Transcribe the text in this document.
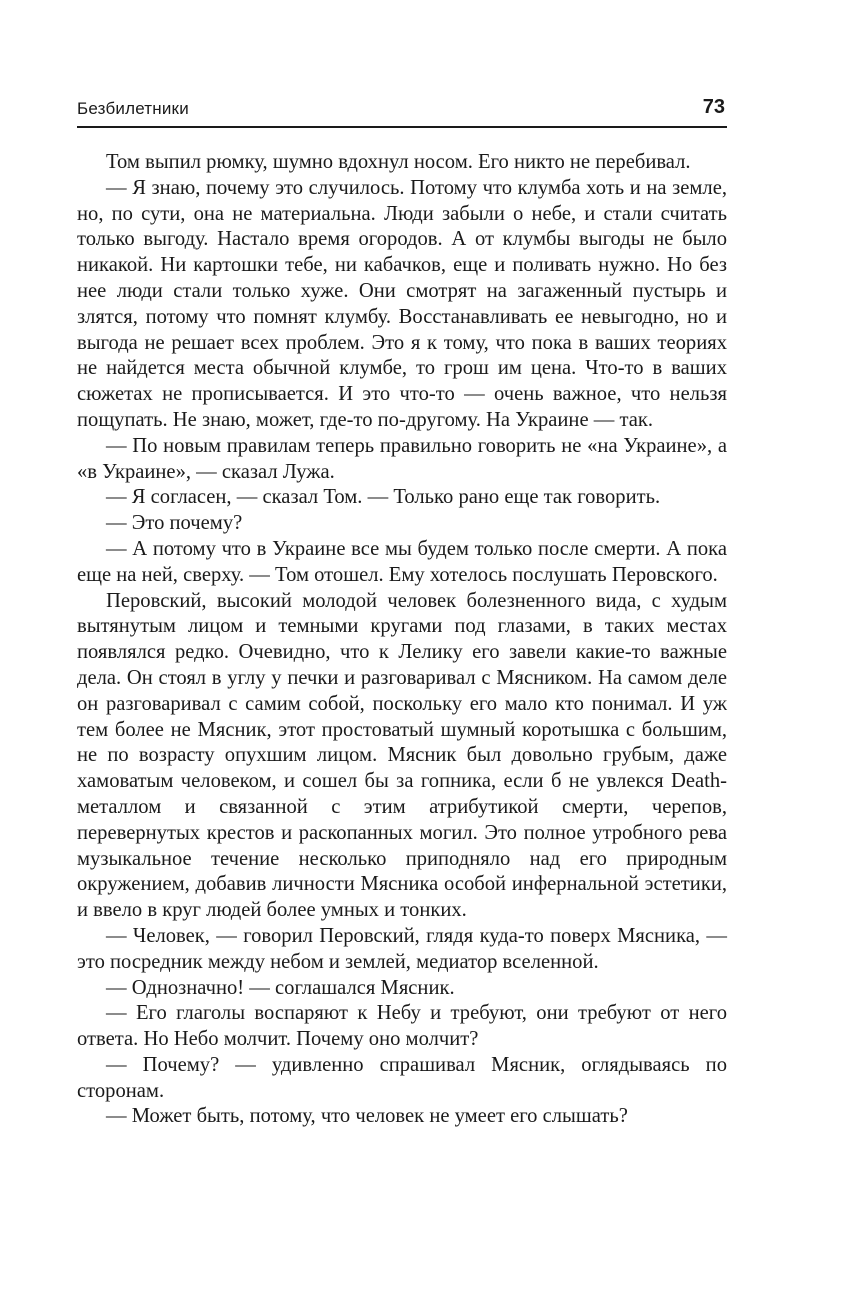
Безбилетники	73

Том выпил рюмку, шумно вдохнул носом. Его никто не перебивал.

— Я знаю, почему это случилось. Потому что клумба хоть и на земле, но, по сути, она не материальна. Люди забыли о небе, и стали считать только выгоду. Настало время огородов. А от клумбы выгоды не было никакой. Ни картошки тебе, ни кабачков, еще и поливать нужно. Но без нее люди стали только хуже. Они смотрят на загаженный пустырь и злятся, потому что помнят клумбу. Восстанавливать ее невыгодно, но и выгода не решает всех проблем. Это я к тому, что пока в ваших теориях не найдется места обычной клумбе, то грош им цена. Что-то в ваших сюжетах не прописывается. И это что-то — очень важное, что нельзя пощупать. Не знаю, может, где-то по-другому. На Украине — так.

— По новым правилам теперь правильно говорить не «на Украине», а «в Украине», — сказал Лужа.

— Я согласен, — сказал Том. — Только рано еще так говорить.

— Это почему?

— А потому что в Украине все мы будем только после смерти. А пока еще на ней, сверху. — Том отошел. Ему хотелось послушать Перовского.

Перовский, высокий молодой человек болезненного вида, с худым вытянутым лицом и темными кругами под глазами, в таких местах появлялся редко. Очевидно, что к Лелику его завели какие-то важные дела. Он стоял в углу у печки и разговаривал с Мясником. На самом деле он разговаривал с самим собой, поскольку его мало кто понимал. И уж тем более не Мясник, этот простоватый шумный коротышка с большим, не по возрасту опухшим лицом. Мясник был довольно грубым, даже хамоватым человеком, и сошел бы за гопника, если б не увлекся Death-металлом и связанной с этим атрибутикой смерти, черепов, перевернутых крестов и раскопанных могил. Это полное утробного рева музыкальное течение несколько приподняло над его природным окружением, добавив личности Мясника особой инфернальной эстетики, и ввело в круг людей более умных и тонких.

— Человек, — говорил Перовский, глядя куда-то поверх Мясника, — это посредник между небом и землей, медиатор вселенной.

— Однозначно! — соглашался Мясник.

— Его глаголы воспаряют к Небу и требуют, они требуют от него ответа. Но Небо молчит. Почему оно молчит?

— Почему? — удивленно спрашивал Мясник, оглядываясь по сторонам.

— Может быть, потому, что человек не умеет его слышать?
